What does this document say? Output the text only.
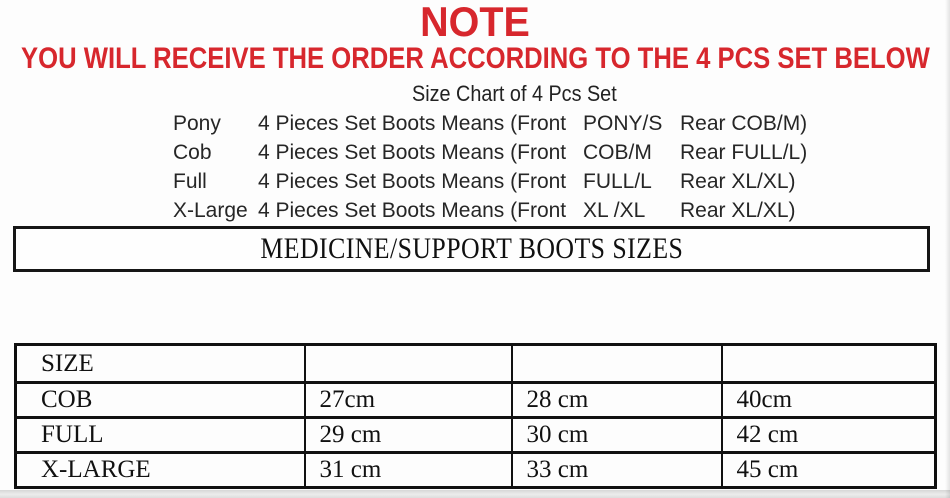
NOTE
YOU WILL RECEIVE THE ORDER ACCORDING TO THE 4 PCS SET BELOW
Size Chart of 4 Pcs Set
Pony	4 Pieces Set Boots Means (Front PONY/S Rear COB/M)
Cob	4 Pieces Set Boots Means (Front COB/M	Rear FULL/L)
Full	4 Pieces Set Boots Means (Front FULL/L	Rear XL/XL)
X-Large 4 Pieces Set Boots Means (Front XL /XL	Rear XL/XL)
MEDICINE/SUPPORT BOOTS SIZES
SIZE			
COB	27cm	28 cm	40cm
FULL	29 cm	30 cm	42 cm
X-LARGE	31 cm	33 cm	45 cm
